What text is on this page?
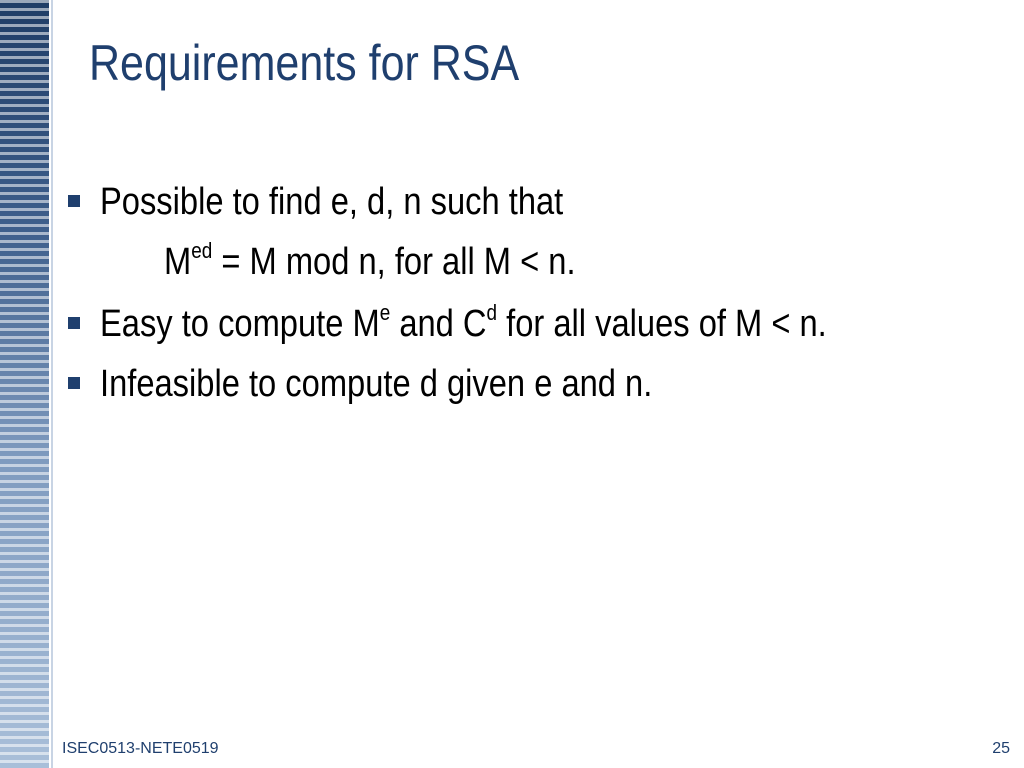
Requirements for RSA
Possible to find e, d, n such that
$M^{ed} = M$ mod n, for all M < n.
Easy to compute Me and $C^d$ for all values of M < n.
Infeasible to compute d given e and n.
ISEC0513-NETE0519	25
